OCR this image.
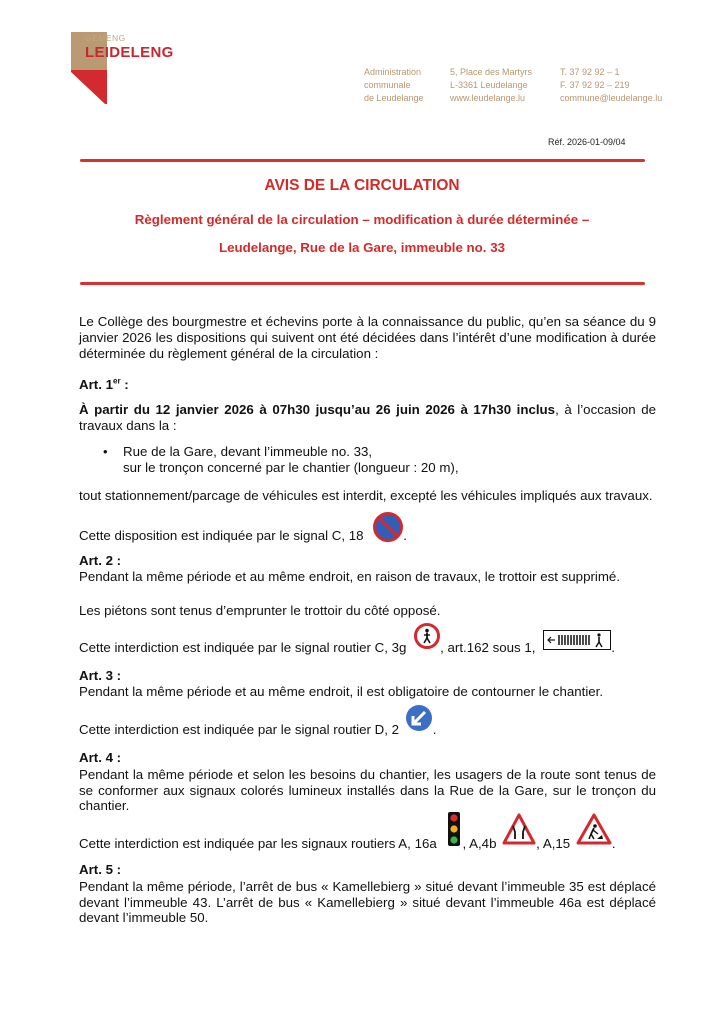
GEMENG
LEIDELENG
Administration
communale
de Leudelange
5, Place des Martyrs
L-3361 Leudelange
www.leudelange.lu
T. 37 92 92 – 1
F. 37 92 92 – 219
commune@leudelange.lu
Réf. 2026-01-09/04
AVIS DE LA CIRCULATION
Règlement général de la circulation – modification à durée déterminée –
Leudelange, Rue de la Gare, immeuble no. 33
Le Collège des bourgmestre et échevins porte à la connaissance du public, qu’en sa séance du 9 janvier 2026 les dispositions qui suivent ont été décidées dans l’intérêt d’une modification à durée déterminée du règlement général de la circulation :
Art. 1er :
À partir du 12 janvier 2026 à 07h30 jusqu’au 26 juin 2026 à 17h30 inclus, à l’occasion de travaux dans la :
•	Rue de la Gare, devant l’immeuble no. 33,
sur le tronçon concerné par le chantier (longueur : 20 m),
tout stationnement/parcage de véhicules est interdit, excepté les véhicules impliqués aux travaux.
Cette disposition est indiquée par le signal C, 18	.
Art. 2 :
Pendant la même période et au même endroit, en raison de travaux, le trottoir est supprimé.
Les piétons sont tenus d’emprunter le trottoir du côté opposé.
Cette interdiction est indiquée par le signal routier C, 3g	, art.162 sous 1,	.
Art. 3 :
Pendant la même période et au même endroit, il est obligatoire de contourner le chantier.
Cette interdiction est indiquée par le signal routier D, 2	.
Art. 4 :
Pendant la même période et selon les besoins du chantier, les usagers de la route sont tenus de se conformer aux signaux colorés lumineux installés dans la Rue de la Gare, sur le tronçon du chantier.
Cette interdiction est indiquée par les signaux routiers A, 16a , A,4b	, A,15	.
Art. 5 :
Pendant la même période, l’arrêt de bus « Kamellebierg » situé devant l’immeuble 35 est déplacé devant l’immeuble 43. L’arrêt de bus « Kamellebierg » situé devant l’immeuble 46a est déplacé devant l’immeuble 50.
